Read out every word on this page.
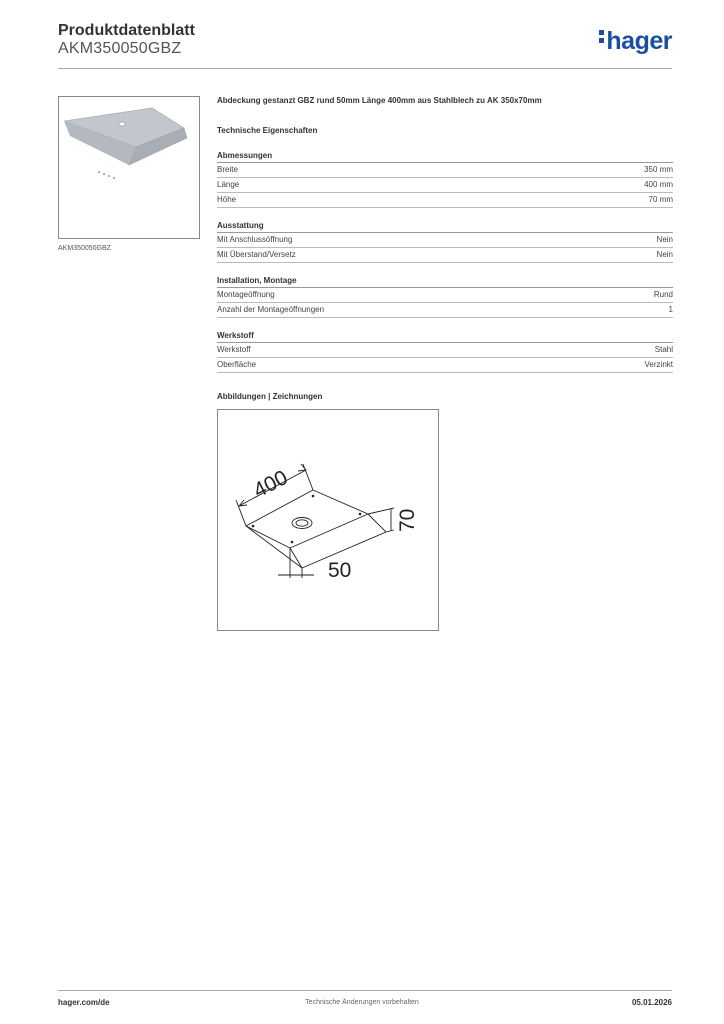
Produktdatenblatt
AKM350050GBZ	hager
AKM350050GBZ

Abdeckung gestanzt GBZ rund 50mm Länge 400mm aus Stahlblech zu AK 350x70mm

Technische Eigenschaften
Abmessungen
Breite	350 mm
Länge	400 mm
Höhe	70 mm
Ausstattung
Mit Anschlussöffnung	Nein
Mit Überstand/Versetz	Nein
Installation, Montage
Montageöffnung	Rund
Anzahl der Montageöffnungen	1
Werkstoff
Werkstoff	Stahl
Oberfläche	Verzinkt
Abbildungen | Zeichnungen
400
70
50
hager.com/de	Technische Änderungen vorbehalten	05.01.2026
